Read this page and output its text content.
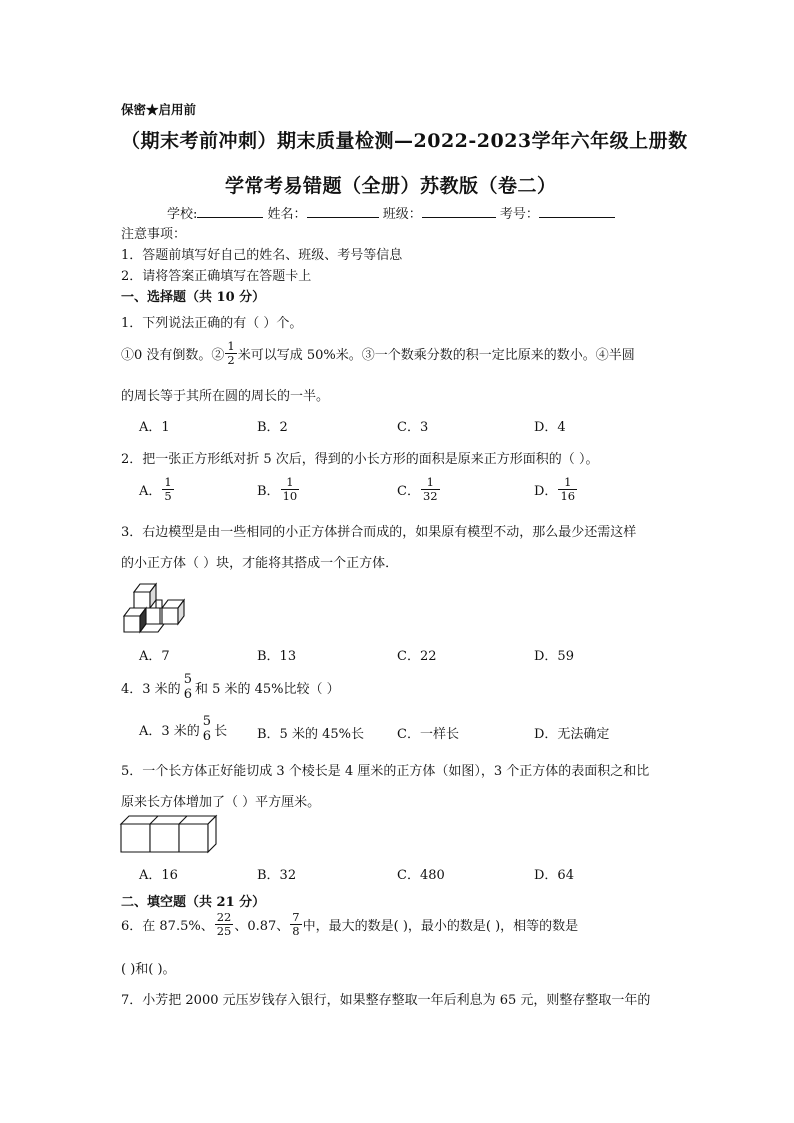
保密★启用前
（期末考前冲刺）期末质量检测—2022-2023学年六年级上册数
学常考易错题（全册）苏教版（卷二）
学校:	姓名：	班级：	考号：
注意事项：
1．答题前填写好自己的姓名、班级、考号等信息
2．请将答案正确填写在答题卡上
一、选择题（共 10 分）
1．下列说法正确的有（ ）个。
①0 没有倒数。② $\frac{1}{2}$ 米可以写成 50%米。③一个数乘分数的积一定比原来的数小。④半圆
的周长等于其所在圆的周长的一半。
A．1	B．2	C．3	D．4
2．把一张正方形纸对折 5 次后，得到的小长方形的面积是原来正方形面积的（ ）。
A． $\frac{1}{5}$	B． $\frac{1}{10}$	C． $\frac{1}{32}$	D． $\frac{1}{16}$
3．右边模型是由一些相同的小正方体拼合而成的，如果原有模型不动，那么最少还需这样
的小正方体（ ）块，才能将其搭成一个正方体．
A．7	B．13	C．22	D．59
4．3 米的
5
6 和 5 米的 45%比较（ ）
A．3 米的
5
6 长 B．5 米的 45%长	C．一样长	D．无法确定
5．一个长方体正好能切成 3 个棱长是 4 厘米的正方体（如图），3 个正方体的表面积之和比
原来长方体增加了（ ）平方厘米。
A．16	B．32	C．480	D．64
二、填空题（共 21 分）
6．在 87.5%、 $\frac{22}{25}$ 、0.87、 $\frac{7}{8}$ 中，最大的数是( )，最小的数是( )，相等的数是
( )和( )。
7．小芳把 2000 元压岁钱存入银行，如果整存整取一年后利息为 65 元，则整存整取一年的
